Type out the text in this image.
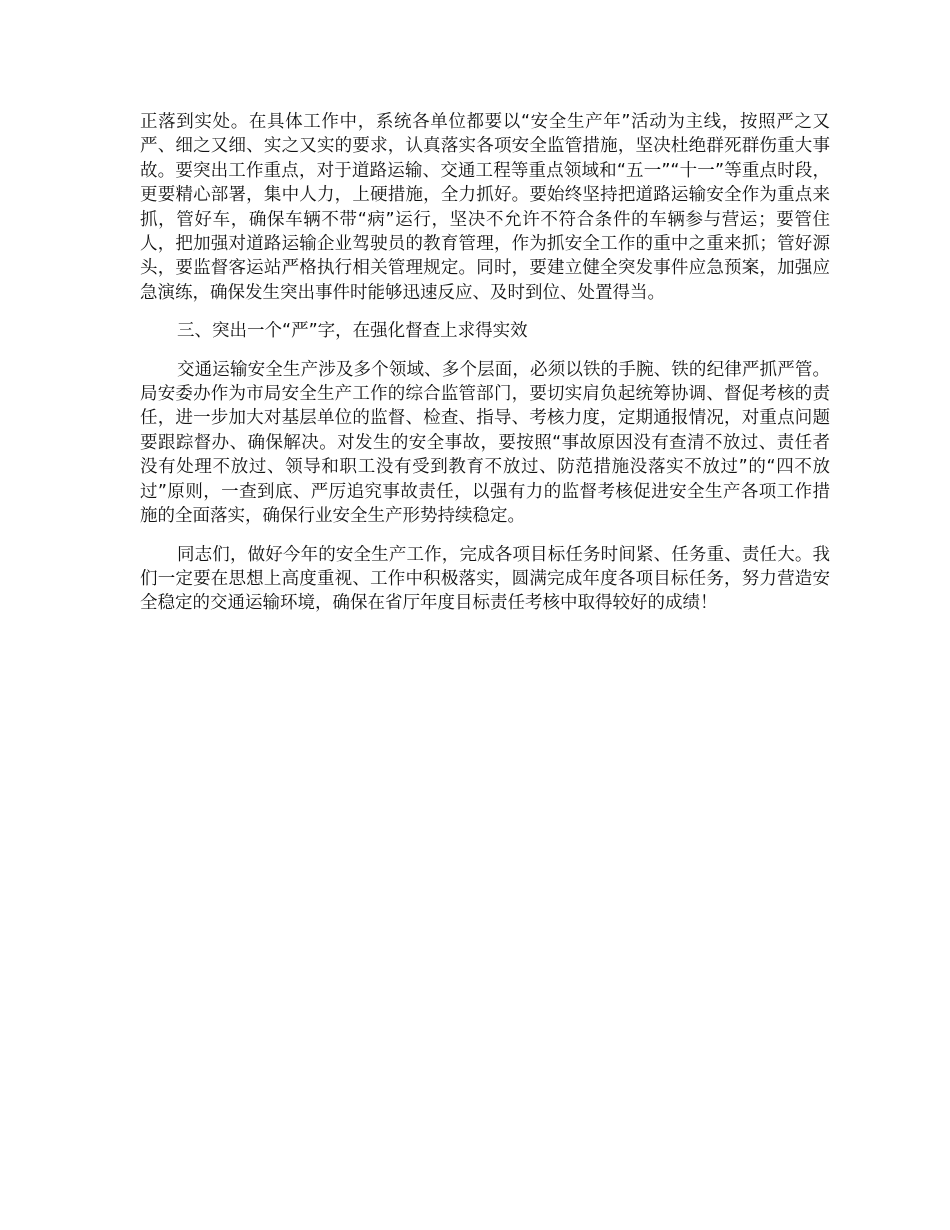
正落到实处。在具体工作中，系统各单位都要以“安全生产年”活动为主线，按照严之又严、细之又细、实之又实的要求，认真落实各项安全监管措施，坚决杜绝群死群伤重大事故。要突出工作重点，对于道路运输、交通工程等重点领域和“五一”“十一”等重点时段，更要精心部署，集中人力，上硬措施，全力抓好。要始终坚持把道路运输安全作为重点来抓，管好车，确保车辆不带“病”运行，坚决不允许不符合条件的车辆参与营运；要管住人，把加强对道路运输企业驾驶员的教育管理，作为抓安全工作的重中之重来抓；管好源头，要监督客运站严格执行相关管理规定。同时，要建立健全突发事件应急预案，加强应急演练，确保发生突出事件时能够迅速反应、及时到位、处置得当。

三、突出一个“严”字，在强化督查上求得实效

交通运输安全生产涉及多个领域、多个层面，必须以铁的手腕、铁的纪律严抓严管。局安委办作为市局安全生产工作的综合监管部门，要切实肩负起统筹协调、督促考核的责任，进一步加大对基层单位的监督、检查、指导、考核力度，定期通报情况，对重点问题要跟踪督办、确保解决。对发生的安全事故，要按照“事故原因没有查清不放过、责任者没有处理不放过、领导和职工没有受到教育不放过、防范措施没落实不放过”的“四不放过”原则，一查到底、严厉追究事故责任，以强有力的监督考核促进安全生产各项工作措施的全面落实，确保行业安全生产形势持续稳定。

同志们，做好今年的安全生产工作，完成各项目标任务时间紧、任务重、责任大。我们一定要在思想上高度重视、工作中积极落实，圆满完成年度各项目标任务，努力营造安全稳定的交通运输环境，确保在省厅年度目标责任考核中取得较好的成绩！
